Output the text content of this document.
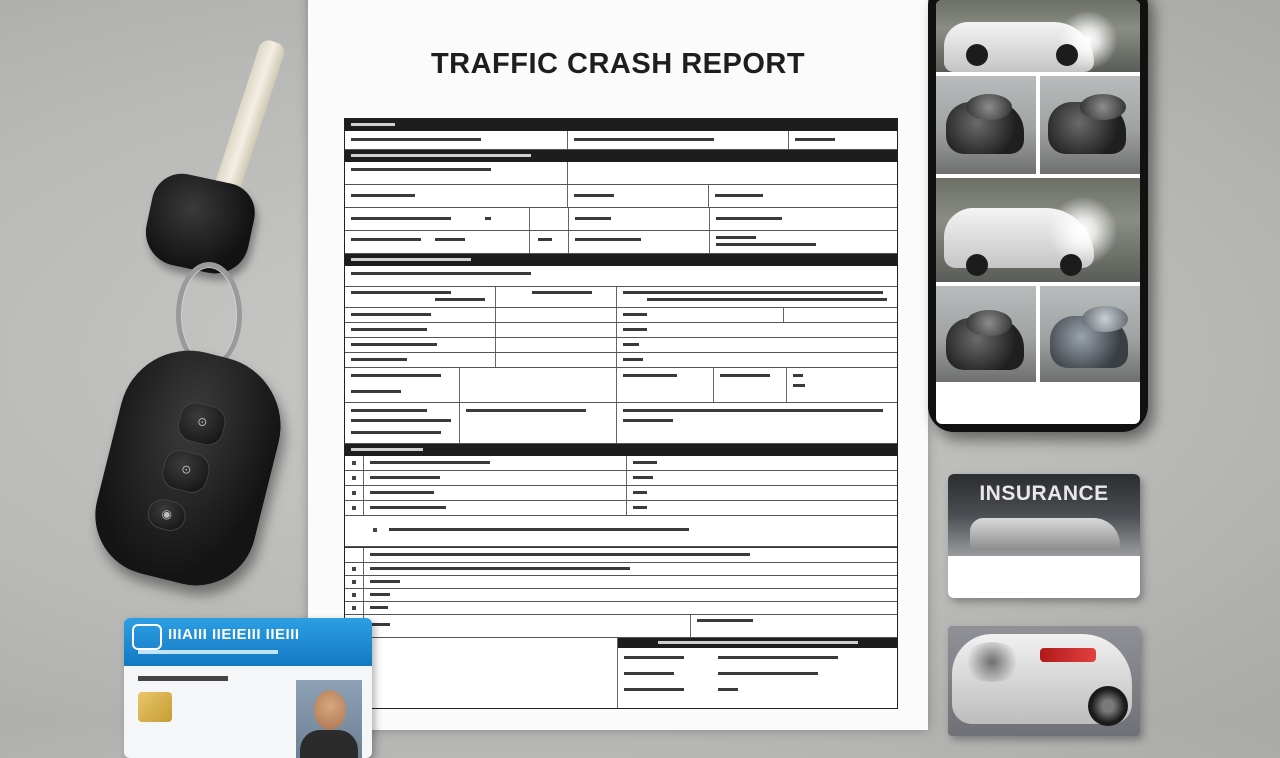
⊙
⊙
◉
TRAFFIC CRASH REPORT
IIIAIII IIEIEIII IIEIII
INSURANCE
